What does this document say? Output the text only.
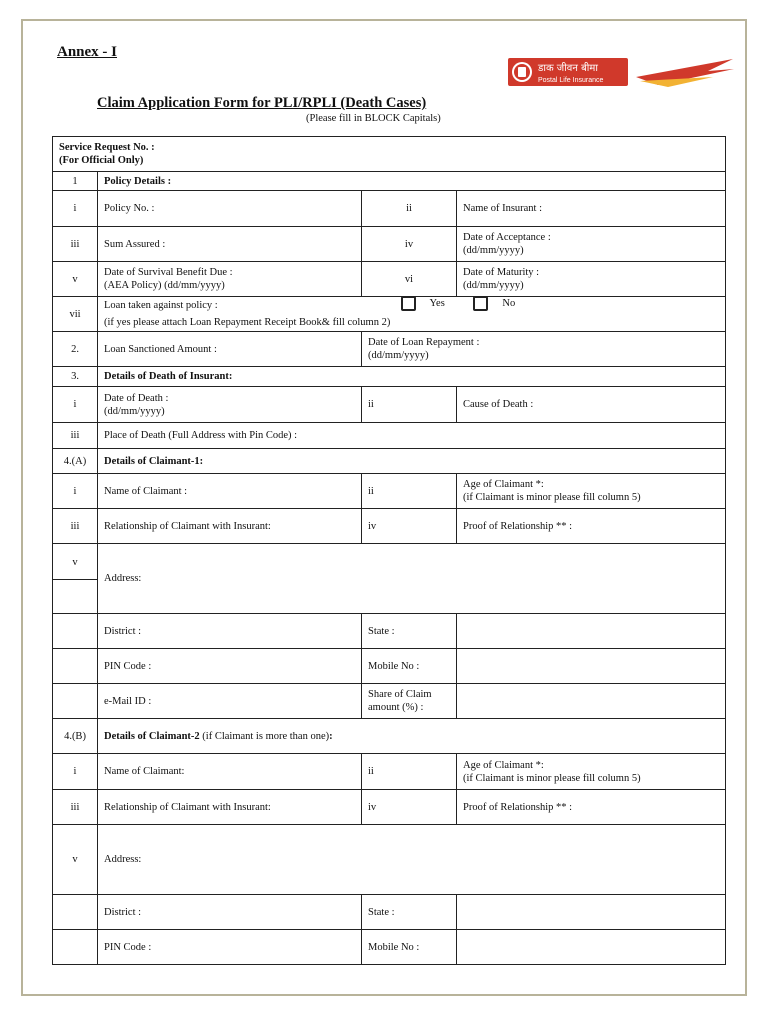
Annex - I
डाक जीवन बीमा
Postal Life Insurance
Claim Application Form for PLI/RPLI (Death Cases)
(Please fill in BLOCK Capitals)
Service Request No. :
(For Official Only)			
1	Policy Details :		
i	Policy No. :	ii	Name of Insurant :
iii	Sum Assured :	iv	Date of Acceptance :
(dd/mm/yyyy)
v	Date of Survival Benefit Due :
(AEA Policy) (dd/mm/yyyy)	vi	Date of Maturity :
(dd/mm/yyyy)
vii	Loan taken against policy : Yes No
(if yes please attach Loan Repayment Receipt Book& fill column 2)		

2.	Loan Sanctioned Amount :	Date of Loan Repayment :
(dd/mm/yyyy)	
3.	Details of Death of Insurant:		
i	Date of Death :
(dd/mm/yyyy)	ii	Cause of Death :
iii	Place of Death (Full Address with Pin Code) :		
4.(A)	Details of Claimant-1:		
i	Name of Claimant :	ii	Age of Claimant *:
(if Claimant is minor please fill column 5)
iii	Relationship of Claimant with Insurant:	iv	Proof of Relationship ** :
v	Address:		

	District :	State :	
	PIN Code :	Mobile No :	
	e-Mail ID :	Share of Claim
amount (%) :	
4.(B)	Details of Claimant-2 (if Claimant is more than one):		
i	Name of Claimant:	ii	Age of Claimant *:
(if Claimant is minor please fill column 5)
iii	Relationship of Claimant with Insurant:	iv	Proof of Relationship ** :
v	Address:		
	District :	State :	
	PIN Code :	Mobile No :	
